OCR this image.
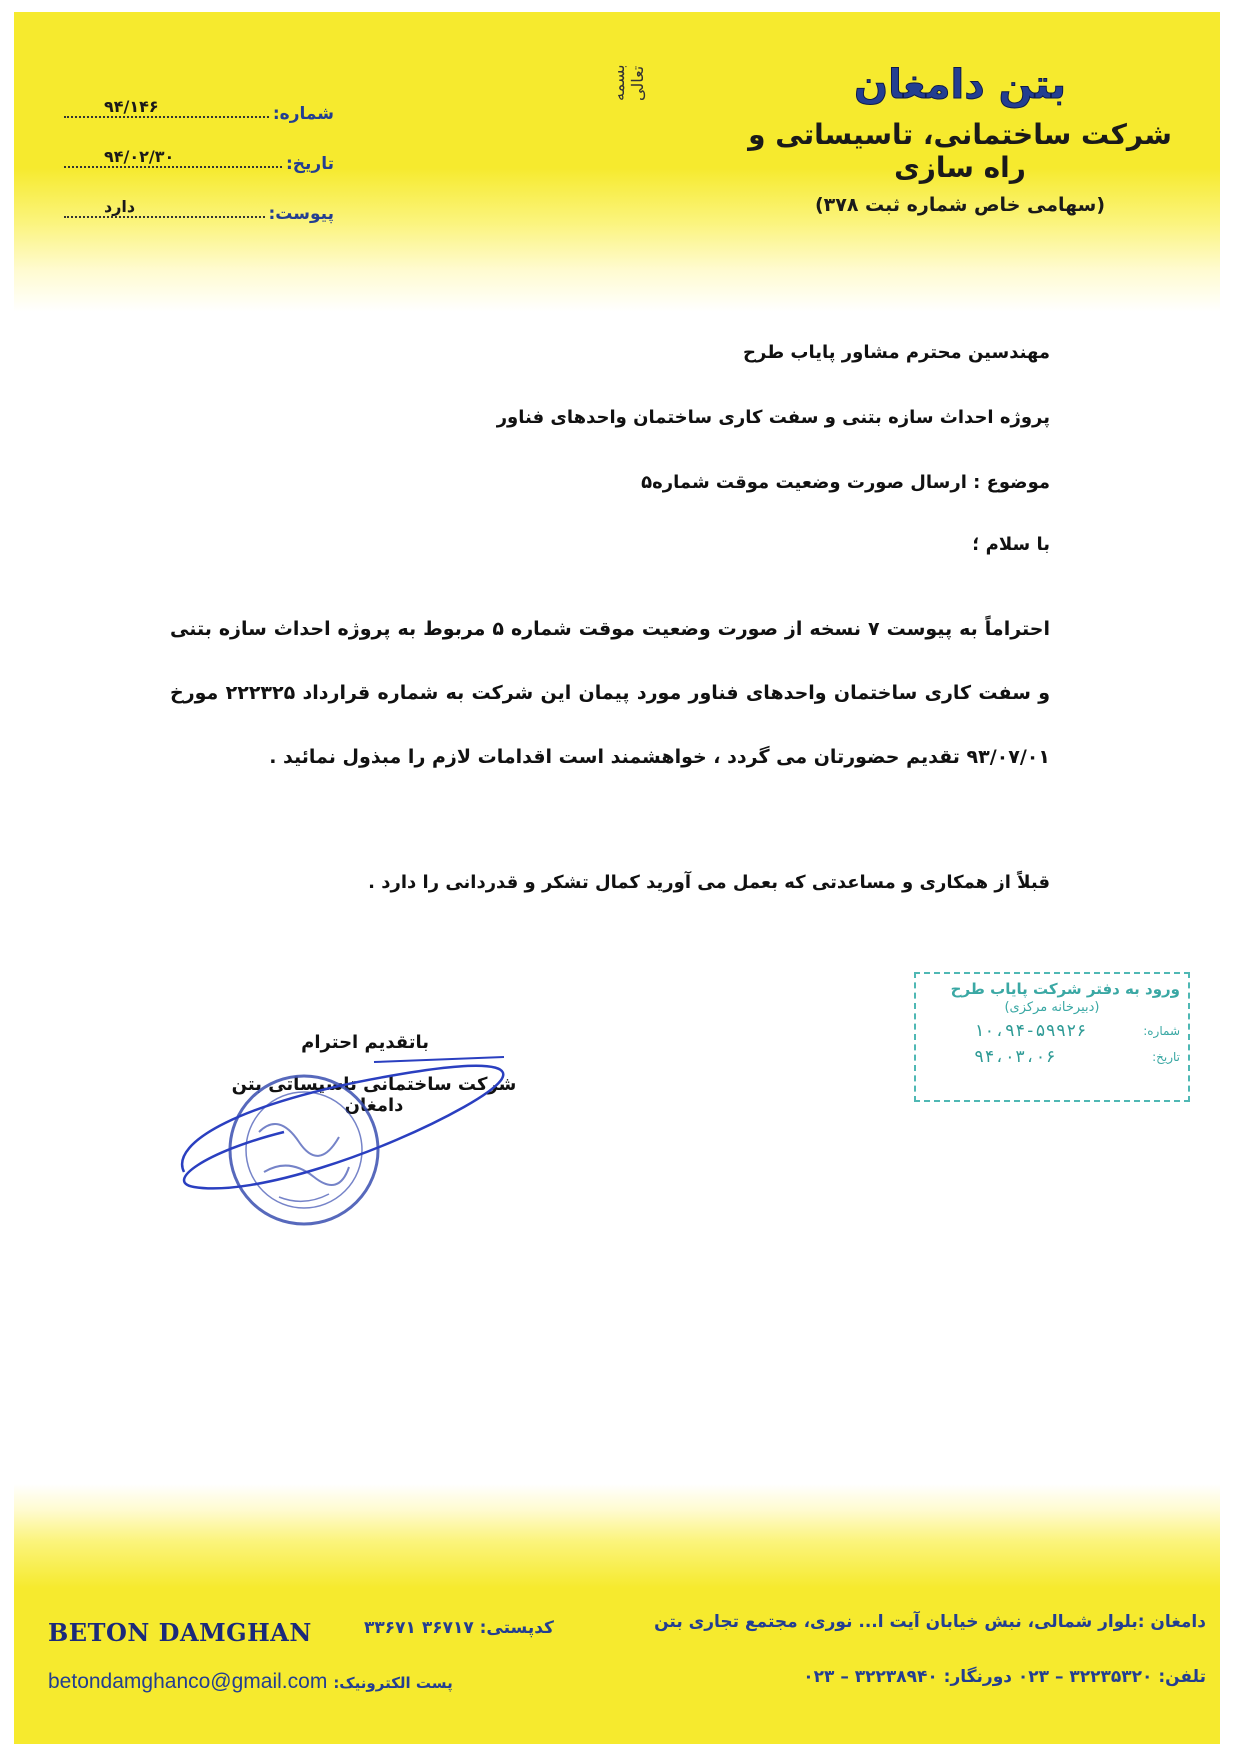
بتن دامغان
شرکت ساختمانی، تاسیساتی و راه سازی
(سهامی خاص شماره ثبت ۳۷۸)
بسمه تعالی
شماره:
۹۴/۱۴۶
تاریخ:
۹۴/۰۲/۳۰
پیوست:
دارد
مهندسین محترم مشاور پایاب طرح
پروژه احداث سازه بتنی و سفت کاری ساختمان واحدهای فناور
موضوع : ارسال صورت وضعیت موقت شماره۵
با سلام ؛
احتراماً به پیوست ۷ نسخه از صورت وضعیت موقت شماره ۵ مربوط به پروژه احداث سازه بتنی و سفت کاری ساختمان واحدهای فناور مورد پیمان این شرکت به شماره قرارداد ۲۲۲۳۲۵ مورخ ۹۳/۰۷/۰۱ تقدیم حضورتان می گردد ، خواهشمند است اقدامات لازم را مبذول نمائید .
قبلاً از همکاری و مساعدتی که بعمل می آورید کمال تشکر و قدردانی را دارد .
باتقدیم احترام
شرکت ساختمانی تاسیساتی بتن دامغان
ورود به دفتر شرکت پایاب طرح
(دبیرخانه مرکزی)
شماره:
۱۰،۹۴-۵۹۹۲۶
تاریخ:
۹۴،۰۳،۰۶
BETON DAMGHAN	کدپستی: ۳۶۷۱۷ ۳۳۶۷۱	دامغان :بلوار شمالی، نبش خیابان آیت ا... نوری، مجتمع تجاری بتن
تلفن: ۳۲۲۳۵۳۲۰ – ۰۲۳ دورنگار: ۳۲۲۳۸۹۴۰ – ۰۲۳
betondamghanco@gmail.com پست الکترونیک:
